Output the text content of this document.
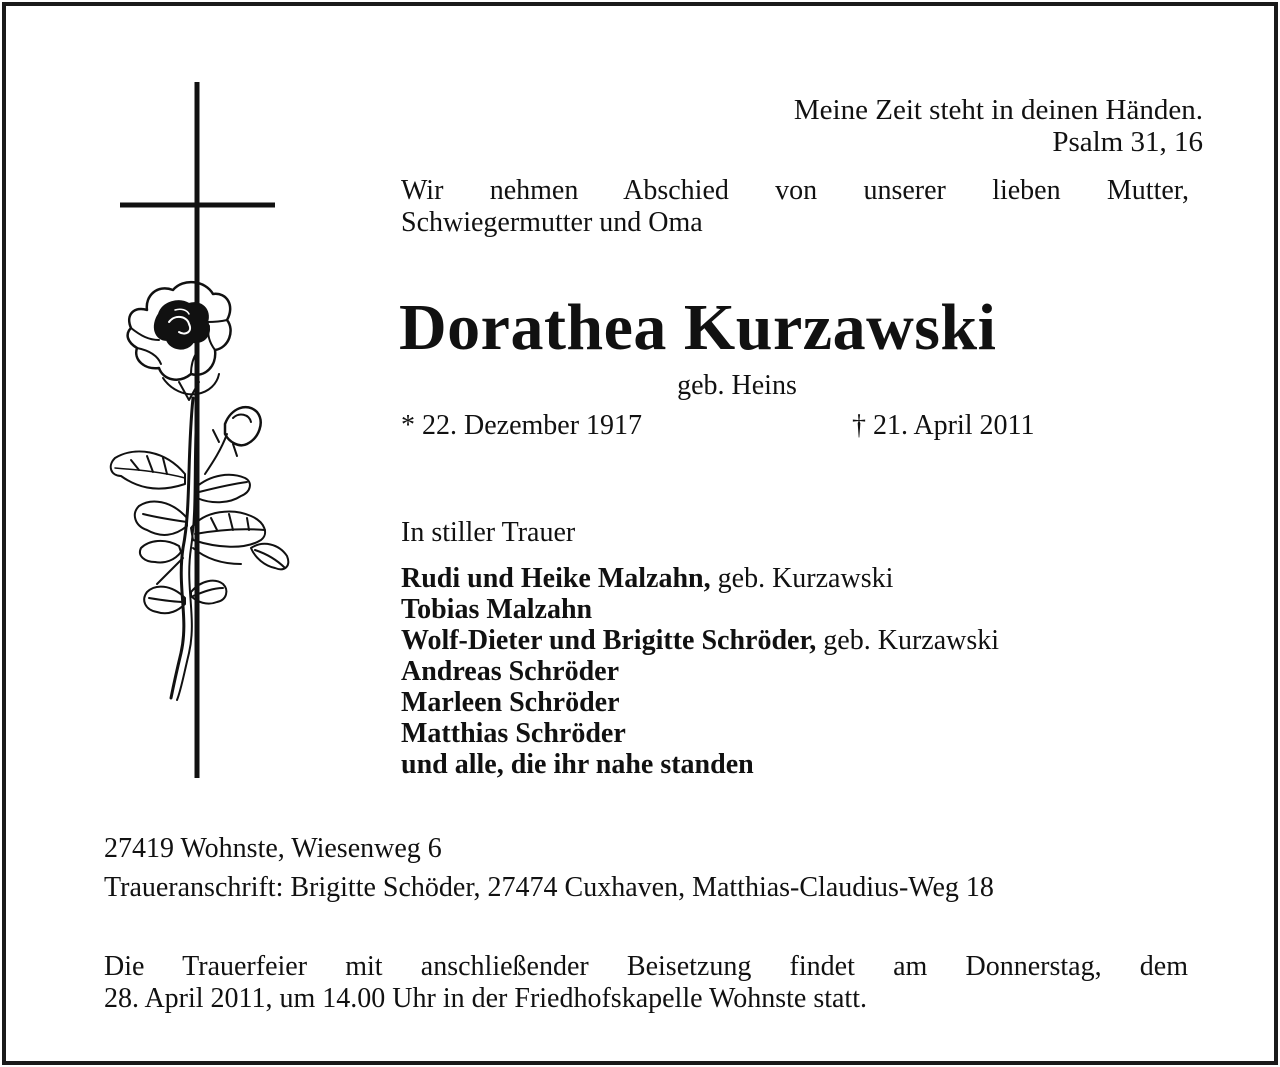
Meine Zeit steht in deinen Händen.
Psalm 31, 16
Wir nehmen Abschied von unserer lieben Mutter,
Schwiegermutter und Oma
Dorathea Kurzawski
geb. Heins
* 22. Dezember 1917	† 21. April 2011
In stiller Trauer
Rudi und Heike Malzahn, geb. Kurzawski
Tobias Malzahn
Wolf-Dieter und Brigitte Schröder, geb. Kurzawski
Andreas Schröder
Marleen Schröder
Matthias Schröder
und alle, die ihr nahe standen
27419 Wohnste, Wiesenweg 6
Traueranschrift: Brigitte Schöder, 27474 Cuxhaven, Matthias-Claudius-Weg 18
Die Trauerfeier mit anschließender Beisetzung findet am Donnerstag, dem
28. April 2011, um 14.00 Uhr in der Friedhofskapelle Wohnste statt.
